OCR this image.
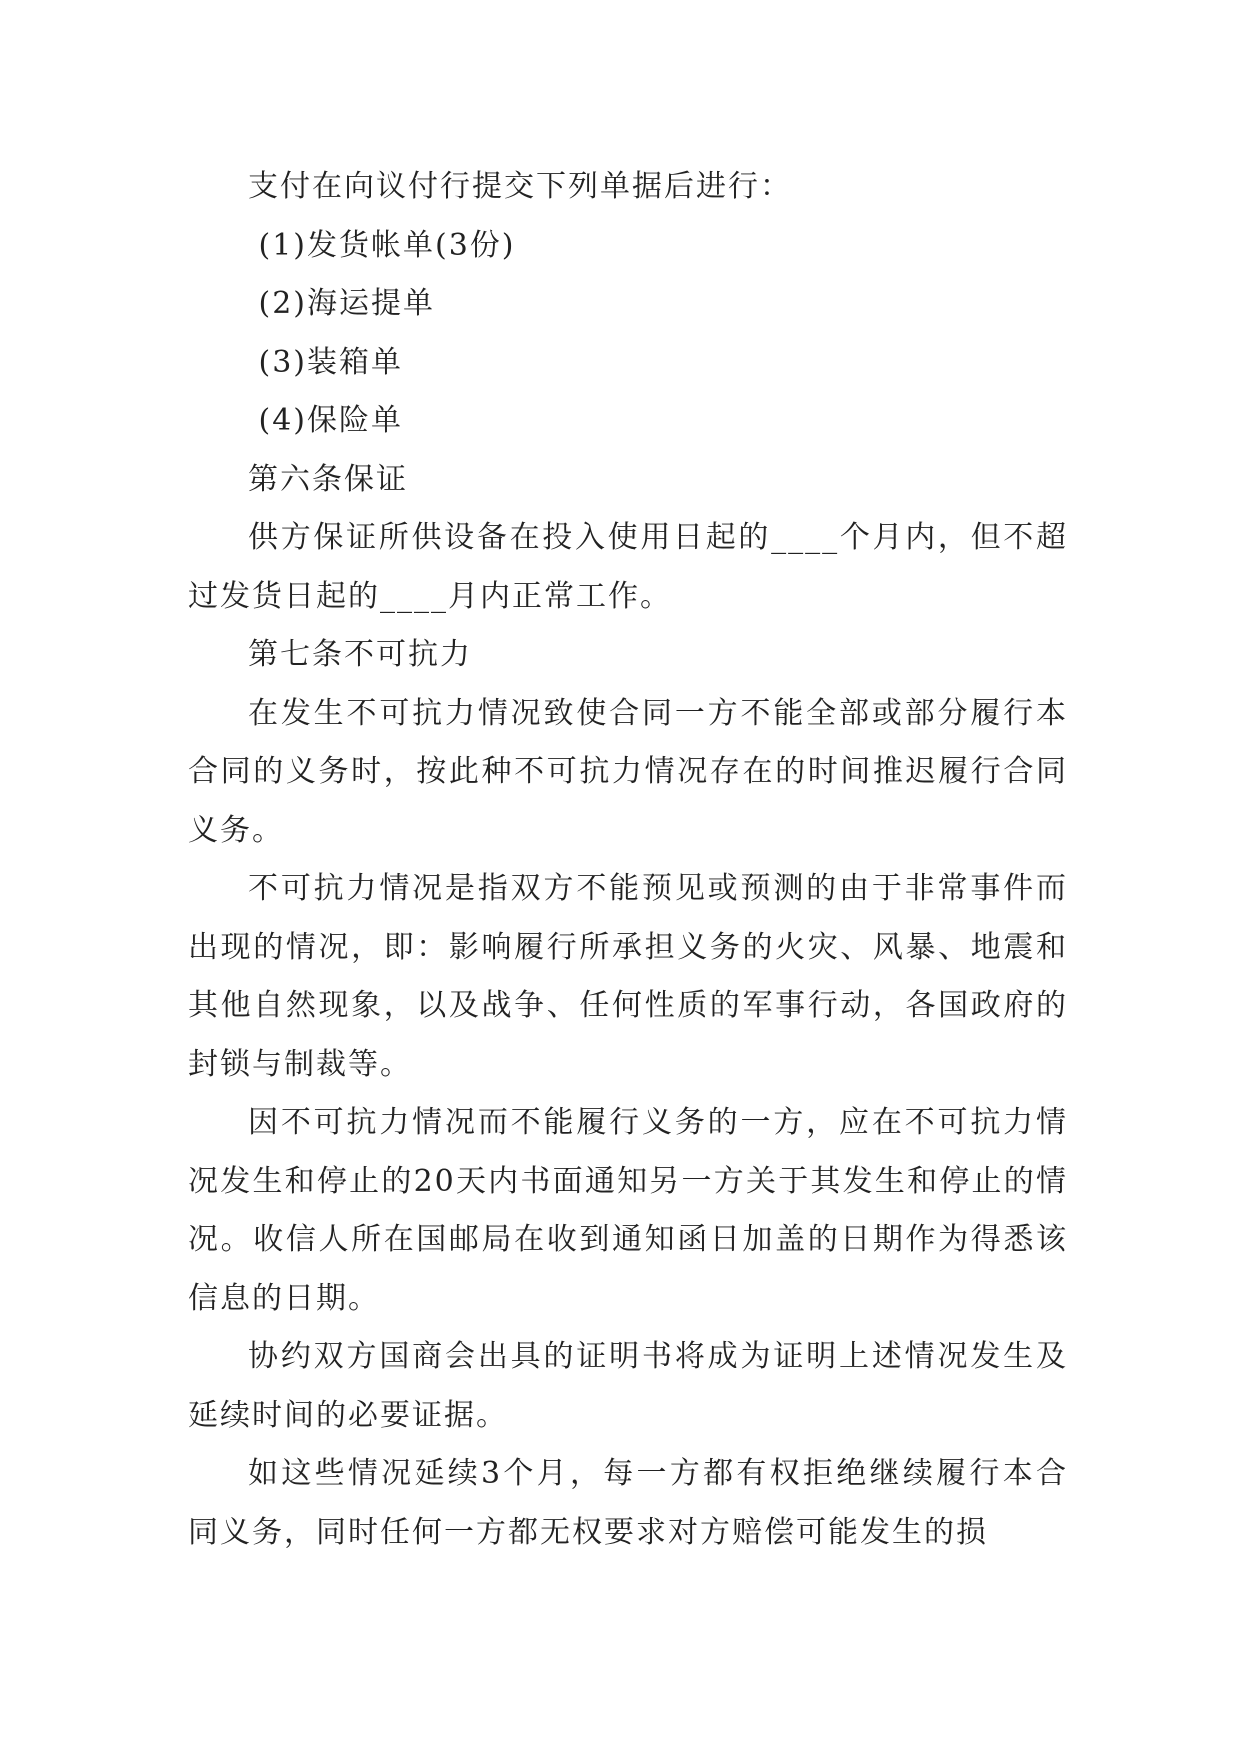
支付在向议付行提交下列单据后进行：

(1)发货帐单(3份)

(2)海运提单

(3)装箱单

(4)保险单

第六条保证

供方保证所供设备在投入使用日起的____个月内，但不超过发货日起的____月内正常工作。

第七条不可抗力

在发生不可抗力情况致使合同一方不能全部或部分履行本合同的义务时，按此种不可抗力情况存在的时间推迟履行合同义务。

不可抗力情况是指双方不能预见或预测的由于非常事件而出现的情况，即：影响履行所承担义务的火灾、风暴、地震和其他自然现象，以及战争、任何性质的军事行动，各国政府的封锁与制裁等。

因不可抗力情况而不能履行义务的一方，应在不可抗力情况发生和停止的20天内书面通知另一方关于其发生和停止的情况。收信人所在国邮局在收到通知函日加盖的日期作为得悉该信息的日期。

协约双方国商会出具的证明书将成为证明上述情况发生及延续时间的必要证据。

如这些情况延续3个月，每一方都有权拒绝继续履行本合同义务，同时任何一方都无权要求对方赔偿可能发生的损
